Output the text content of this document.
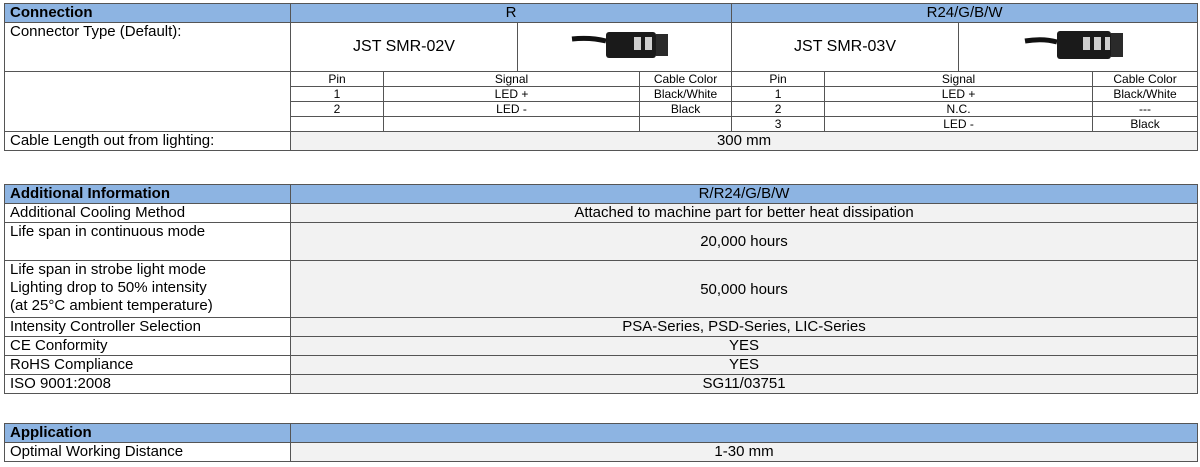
Connection	R				R24/G/B/W			
Connector Type (Default):	JST SMR-02V				JST SMR-03V	
	Pin	Signal		Cable Color	Pin	Signal		Cable Color
	1	LED +		Black/White	1	LED +		Black/White
	2	LED -		Black	2	N.C.		---
					3	LED -		Black
Cable Length out from lighting:	300 mm							
Additional Information	R/R24/G/B/W
Additional Cooling Method	Attached to machine part for better heat dissipation
Life span in continuous mode	20,000 hours

Life span in strobe light mode
Lighting drop to 50% intensity
(at 25°C ambient temperature)	50,000 hours
Intensity Controller Selection	PSA-Series, PSD-Series, LIC-Series
CE Conformity	YES
RoHS Compliance	YES
ISO 9001:2008	SG11/03751
Application	
Optimal Working Distance	1-30 mm
